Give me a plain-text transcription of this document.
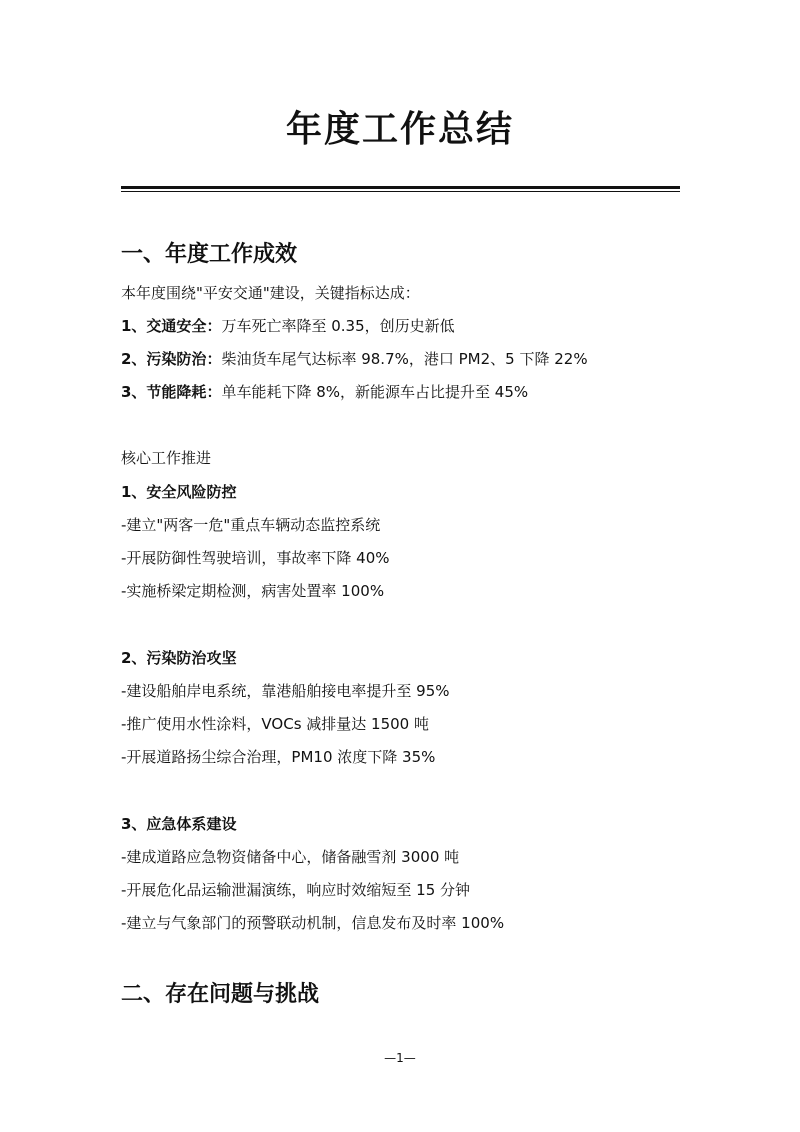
年度工作总结
一、年度工作成效
本年度围绕"平安交通"建设，关键指标达成：
1、交通安全：万车死亡率降至 0.35，创历史新低
2、污染防治：柴油货车尾气达标率 98.7%，港口 PM2、5 下降 22%
3、节能降耗：单车能耗下降 8%，新能源车占比提升至 45%
核心工作推进
1、安全风险防控
-建立"两客一危"重点车辆动态监控系统
-开展防御性驾驶培训，事故率下降 40%
-实施桥梁定期检测，病害处置率 100%
2、污染防治攻坚
-建设船舶岸电系统，靠港船舶接电率提升至 95%
-推广使用水性涂料，VOCs 减排量达 1500 吨
-开展道路扬尘综合治理，PM10 浓度下降 35%
3、应急体系建设
-建成道路应急物资储备中心，储备融雪剂 3000 吨
-开展危化品运输泄漏演练，响应时效缩短至 15 分钟
-建立与气象部门的预警联动机制，信息发布及时率 100%
二、存在问题与挑战
—1—
